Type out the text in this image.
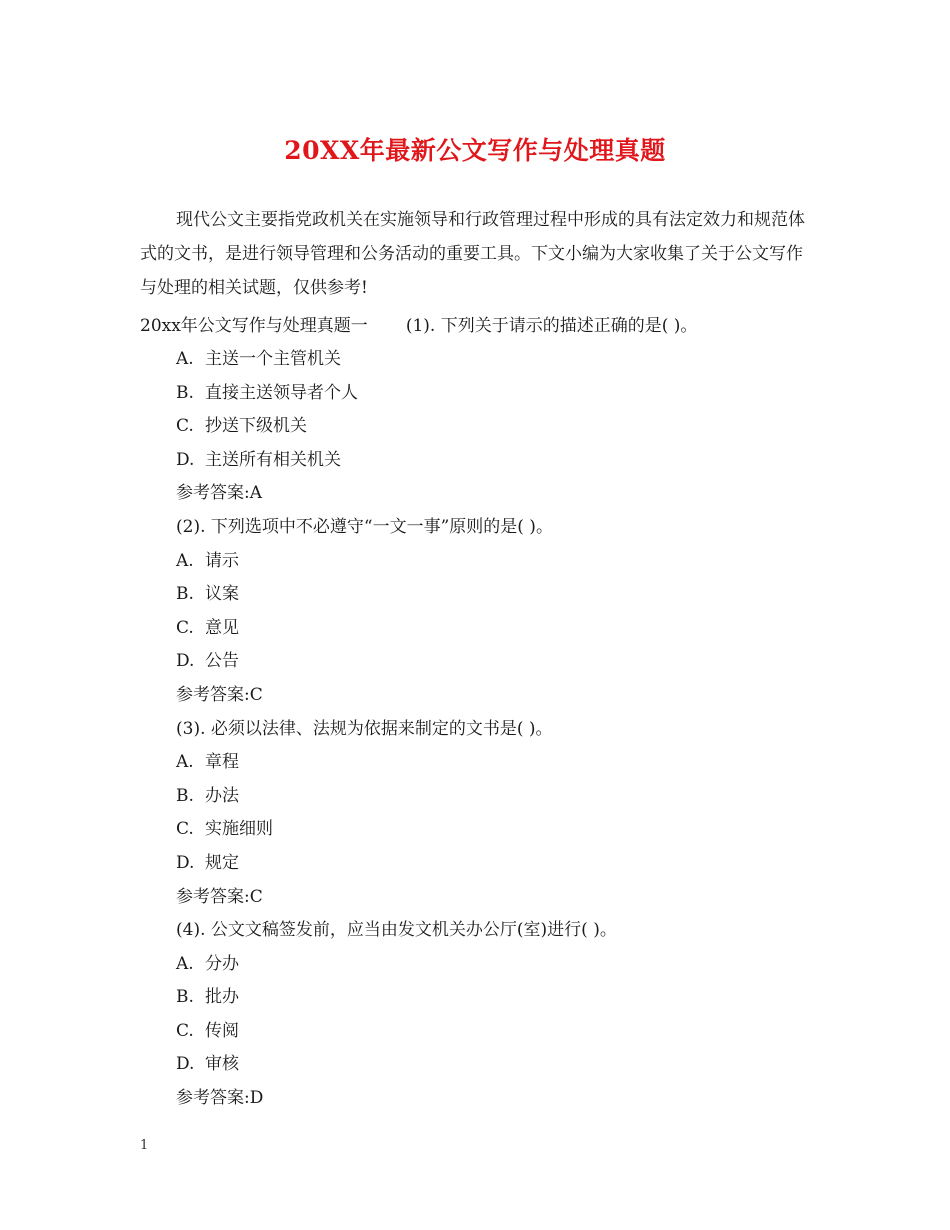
20XX年最新公文写作与处理真题

现代公文主要指党政机关在实施领导和行政管理过程中形成的具有法定效力和规范体式的文书，是进行领导管理和公务活动的重要工具。下文小编为大家收集了关于公文写作与处理的相关试题，仅供参考!

20xx年公文写作与处理真题一 (1). 下列关于请示的描述正确的是( )。
A. 主送一个主管机关
B. 直接主送领导者个人
C. 抄送下级机关
D. 主送所有相关机关
参考答案:A
(2). 下列选项中不必遵守“一文一事”原则的是( )。
A. 请示
B. 议案
C. 意见
D. 公告
参考答案:C
(3). 必须以法律、法规为依据来制定的文书是( )。
A. 章程
B. 办法
C. 实施细则
D. 规定
参考答案:C
(4). 公文文稿签发前，应当由发文机关办公厅(室)进行( )。
A. 分办
B. 批办
C. 传阅
D. 审核
参考答案:D
1
